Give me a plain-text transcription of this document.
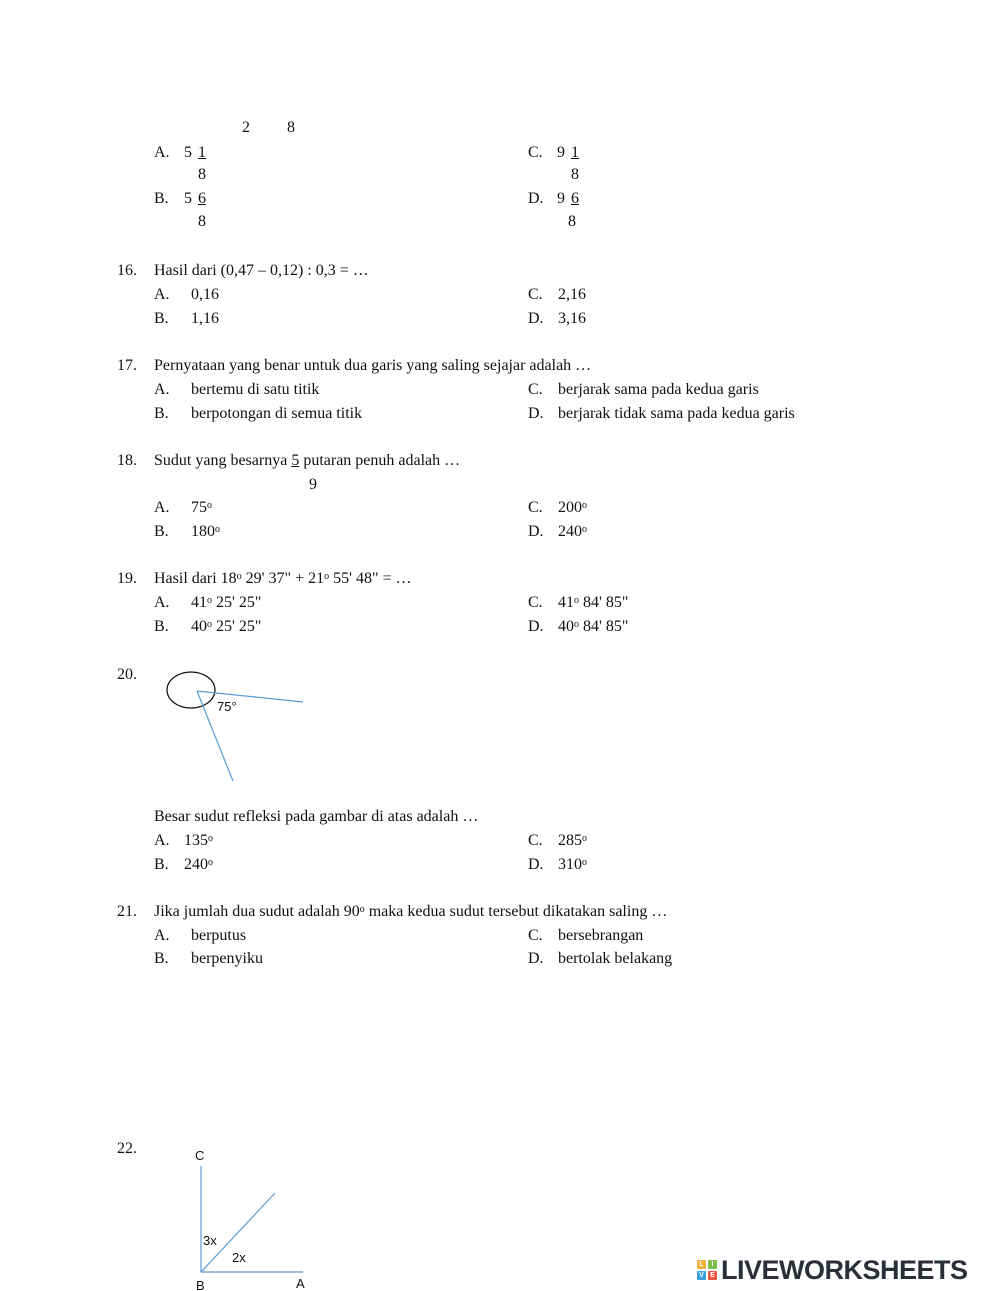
2 8
A. 5 1
8
B. 5 6
8
C. 9 1
8
D. 9 6
8
16. Hasil dari (0,47 – 0,12) : 0,3 = …
A. 0,16
B. 1,16
C. 2,16
D. 3,16
17. Pernyataan yang benar untuk dua garis yang saling sejajar adalah …
A. bertemu di satu titik
B. berpotongan di semua titik
C. berjarak sama pada kedua garis
D. berjarak tidak sama pada kedua garis
18. Sudut yang besarnya 5 putaran penuh adalah …
9
A. 75$^o$
B. 180$^o$
C. 200$^o$
D. 240$^o$
19. Hasil dari 18$^o$ 29' 37" + $21^o$ 55' 48" = …
A. 41$^o$ 25' 25"
B. 40$^o$ 25' 25"
C. 41$^o$ 84' 85"
D. 40$^o$ 84' 85"
20.
75°
Besar sudut refleksi pada gambar di atas adalah …
A. 135$^o$
B. 240$^o$
C. 285$^o$
D. 310$^o$
21. Jika jumlah dua sudut adalah 90$^o$ maka kedua sudut tersebut dikatakan saling …
A. berputus
B. berpenyiku
C. bersebrangan
D. bertolak belakang
22.	C
3x
2x
B	A
L	I
V E LIVEWORKSHEETS
